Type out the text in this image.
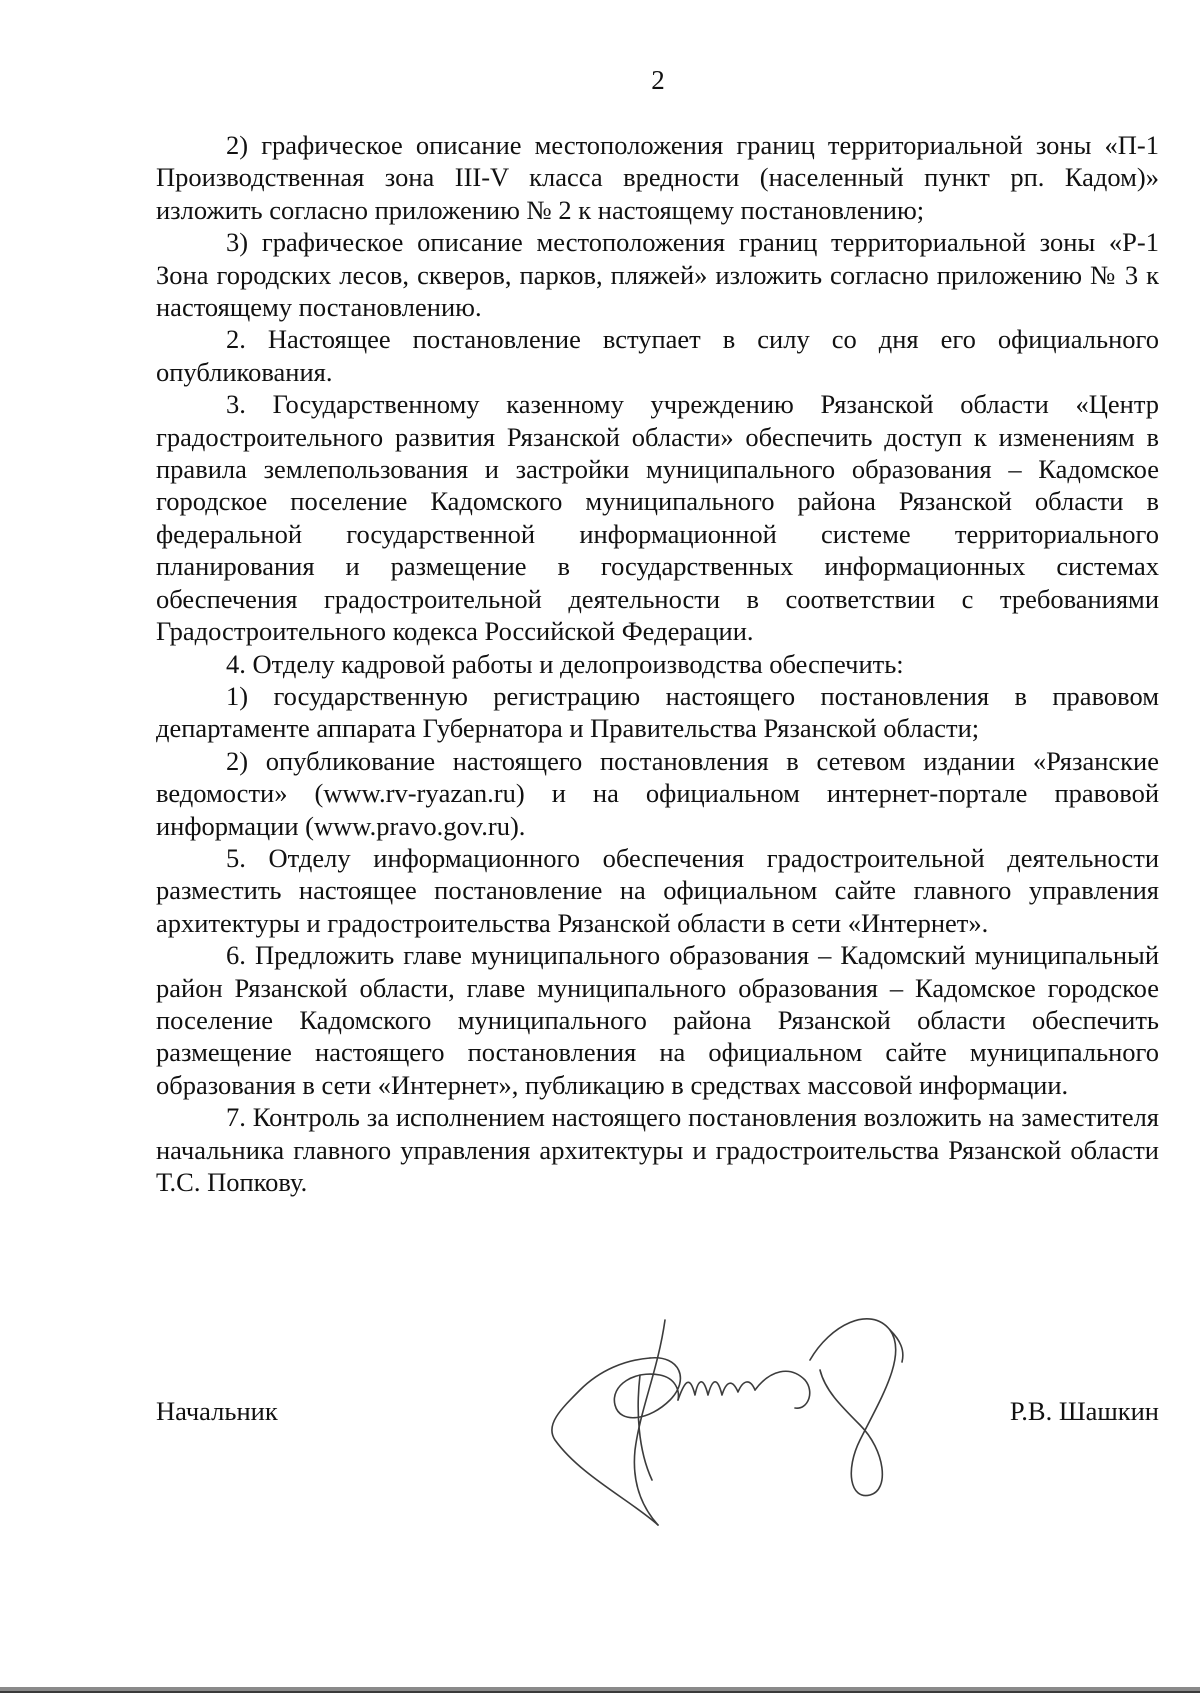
2

2) графическое описание местоположения границ территориальной зоны «П-1 Производственная зона III-V класса вредности (населенный пункт рп. Кадом)» изложить согласно приложению № 2 к настоящему постановлению;

3) графическое описание местоположения границ территориальной зоны «Р-1 Зона городских лесов, скверов, парков, пляжей» изложить согласно приложению № 3 к настоящему постановлению.

2. Настоящее постановление вступает в силу со дня его официального опубликования.

3. Государственному казенному учреждению Рязанской области «Центр градостроительного развития Рязанской области» обеспечить доступ к изменениям в правила землепользования и застройки муниципального образования – Кадомское городское поселение Кадомского муниципального района Рязанской области в федеральной государственной информационной системе территориального планирования и размещение в государственных информационных системах обеспечения градостроительной деятельности в соответствии с требованиями Градостроительного кодекса Российской Федерации.

4. Отделу кадровой работы и делопроизводства обеспечить:

1) государственную регистрацию настоящего постановления в правовом департаменте аппарата Губернатора и Правительства Рязанской области;

2) опубликование настоящего постановления в сетевом издании «Рязанские ведомости» (www.rv-ryazan.ru) и на официальном интернет-портале правовой информации (www.pravo.gov.ru).

5. Отделу информационного обеспечения градостроительной деятельности разместить настоящее постановление на официальном сайте главного управления архитектуры и градостроительства Рязанской области в сети «Интернет».

6. Предложить главе муниципального образования – Кадомский муниципальный район Рязанской области, главе муниципального образования – Кадомское городское поселение Кадомского муниципального района Рязанской области обеспечить размещение настоящего постановления на официальном сайте муниципального образования в сети «Интернет», публикацию в средствах массовой информации.

7. Контроль за исполнением настоящего постановления возложить на заместителя начальника главного управления архитектуры и градостроительства Рязанской области Т.С. Попкову.

Начальник	Р.В. Шашкин
